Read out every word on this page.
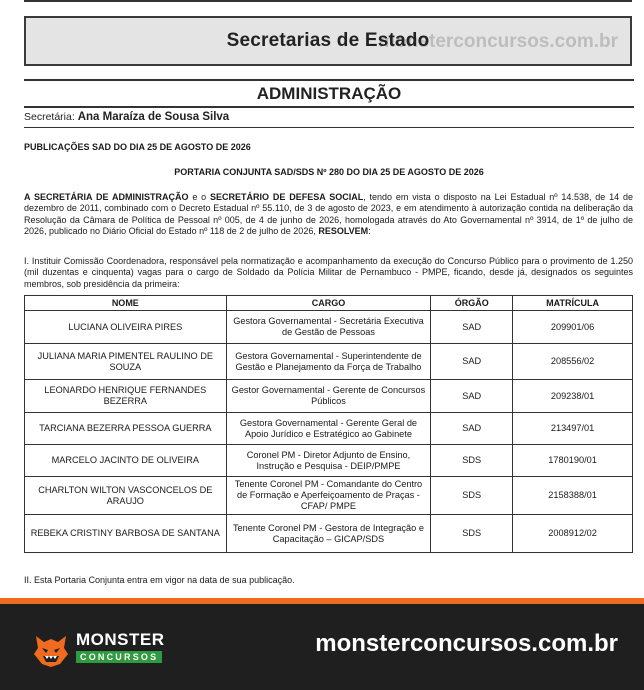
monsterconcursos.com.br
Secretarias de Estado
ADMINISTRAÇÃO
Secretária: Ana Maraíza de Sousa Silva
PUBLICAÇÕES SAD DO DIA 25 DE AGOSTO DE 2026
PORTARIA CONJUNTA SAD/SDS Nº 280 DO DIA 25 DE AGOSTO DE 2026
A SECRETÁRIA DE ADMINISTRAÇÃO e o SECRETÁRIO DE DEFESA SOCIAL, tendo em vista o disposto na Lei Estadual nº 14.538, de 14 de dezembro de 2011, combinado com o Decreto Estadual nº 55.110, de 3 de agosto de 2023, e em atendimento à autorização contida na deliberação da Resolução da Câmara de Política de Pessoal nº 005, de 4 de junho de 2026, homologada através do Ato Governamental nº 3914, de 1º de julho de 2026, publicado no Diário Oficial do Estado nº 118 de 2 de julho de 2026, RESOLVEM:
I. Instituir Comissão Coordenadora, responsável pela normatização e acompanhamento da execução do Concurso Público para o provimento de 1.250 (mil duzentas e cinquenta) vagas para o cargo de Soldado da Polícia Militar de Pernambuco - PMPE, ficando, desde já, designados os seguintes membros, sob presidência da primeira:
NOME	CARGO	ÓRGÃO	MATRÍCULA
LUCIANA OLIVEIRA PIRES	Gestora Governamental - Secretária Executiva de Gestão de Pessoas	SAD	209901/06
JULIANA MARIA PIMENTEL RAULINO DE SOUZA	Gestora Governamental - Superintendente de Gestão e Planejamento da Força de Trabalho	SAD	208556/02
LEONARDO HENRIQUE FERNANDES BEZERRA	Gestor Governamental - Gerente de Concursos Públicos	SAD	209238/01
TARCIANA BEZERRA PESSOA GUERRA	Gestora Governamental - Gerente Geral de Apoio Jurídico e Estratégico ao Gabinete	SAD	213497/01
MARCELO JACINTO DE OLIVEIRA	Coronel PM - Diretor Adjunto de Ensino, Instrução e Pesquisa - DEIP/PMPE	SDS	1780190/01
CHARLTON WILTON VASCONCELOS DE ARAUJO	Tenente Coronel PM - Comandante do Centro de Formação e Aperfeiçoamento de Praças - CFAP/ PMPE	SDS	2158388/01
REBEKA CRISTINY BARBOSA DE SANTANA	Tenente Coronel PM - Gestora de Integração e Capacitação – GICAP/SDS	SDS	2008912/02
II. Esta Portaria Conjunta entra em vigor na data de sua publicação.
MONSTER
CONCURSOS	monsterconcursos.com.br
